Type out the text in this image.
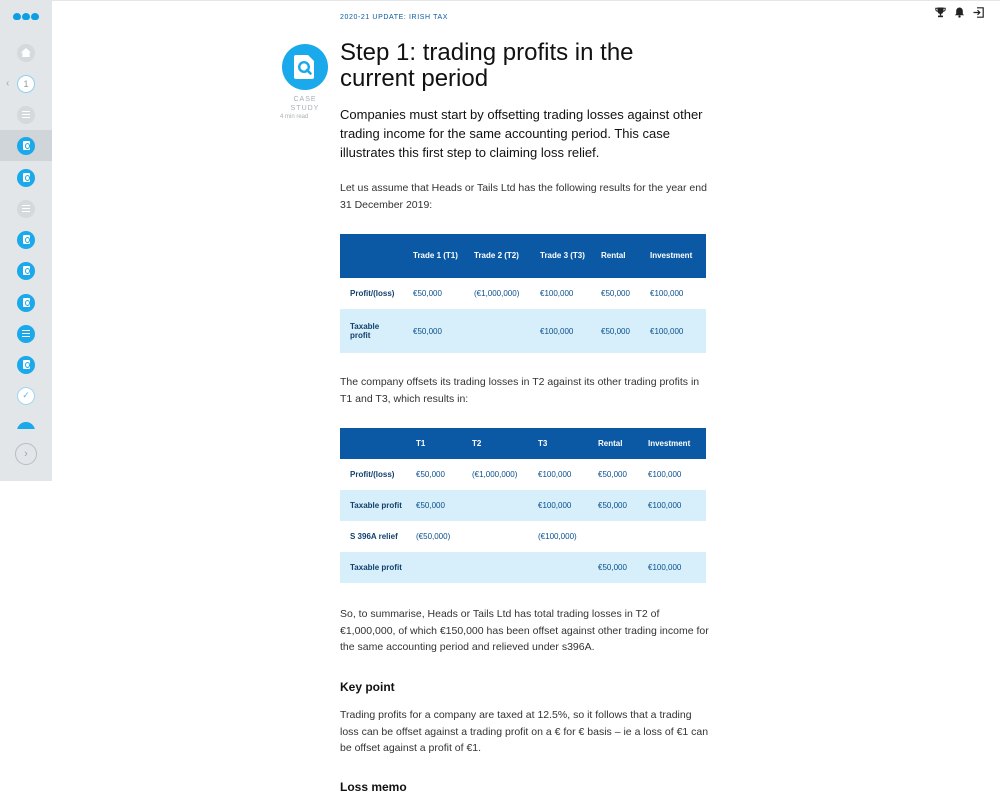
‹	1
✓
›
2020-21 UPDATE: IRISH TAX
CASE
STUDY
4 min read
Step 1: trading profits in the current period

Companies must start by offsetting trading losses against other trading income for the same accounting period. This case illustrates this first step to claiming loss relief.

Let us assume that Heads or Tails Ltd has the following results for the year end 31 December 2019:

	Trade 1 (T1)	Trade 2 (T2)	Trade 3 (T3)	Rental	Investment
Profit/(loss)	€50,000	(€1,000,000)	€100,000	€50,000	€100,000
Taxable profit	€50,000		€100,000	€50,000	€100,000

The company offsets its trading losses in T2 against its other trading profits in T1 and T3, which results in:

	T1	T2	T3	Rental	Investment
Profit/(loss)	€50,000	(€1,000,000)	€100,000	€50,000	€100,000
Taxable profit	€50,000		€100,000	€50,000	€100,000
S 396A relief	(€50,000)		(€100,000)		
Taxable profit				€50,000	€100,000

So, to summarise, Heads or Tails Ltd has total trading losses in T2 of €1,000,000, of which €150,000 has been offset against other trading income for the same accounting period and relieved under s396A.

Key point

Trading profits for a company are taxed at 12.5%, so it follows that a trading loss can be offset against a trading profit on a € for € basis – ie a loss of €1 can be offset against a profit of €1.

Loss memo
